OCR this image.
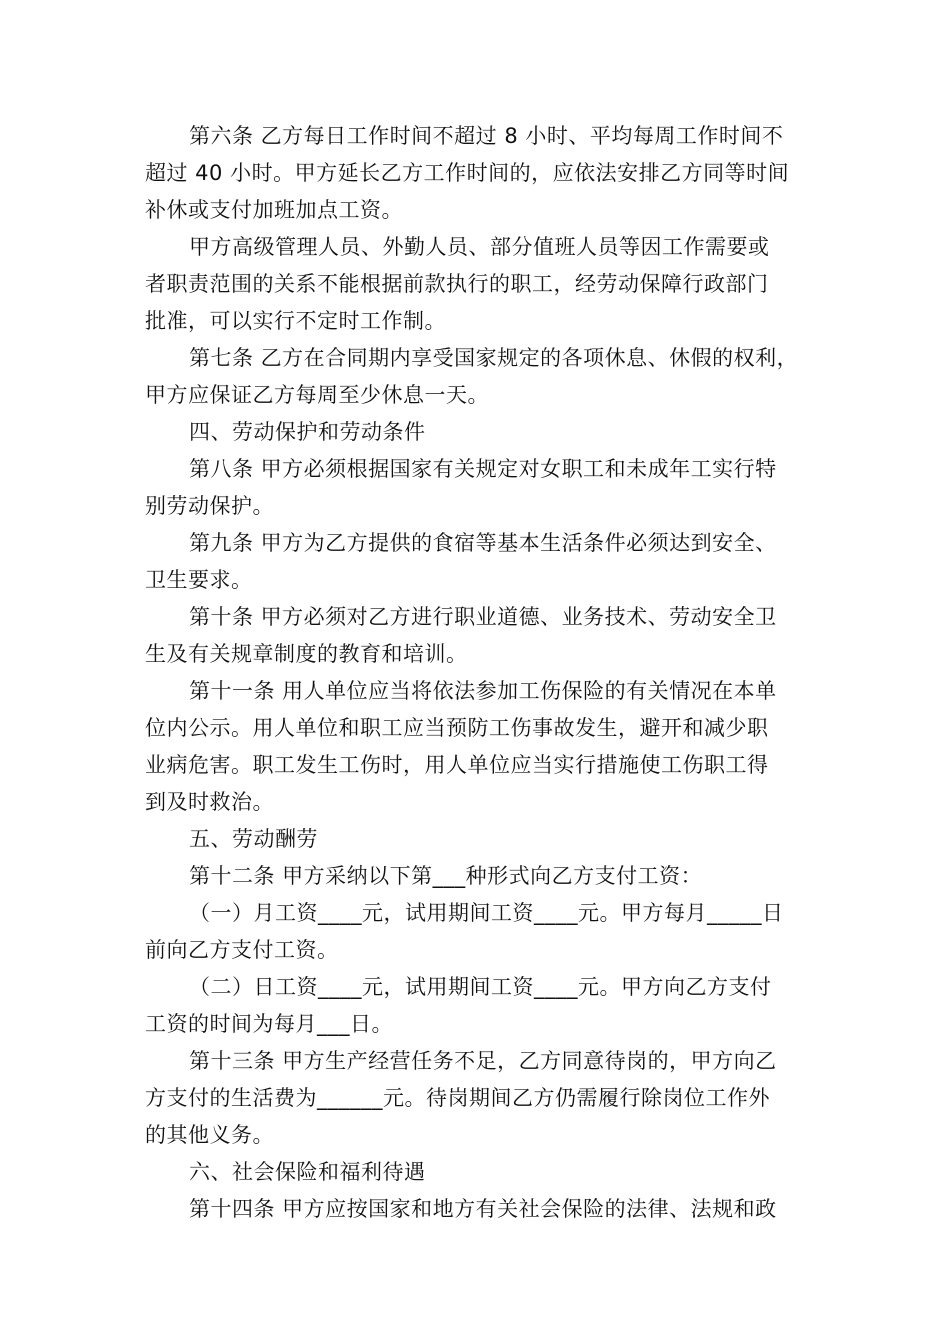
第六条 乙方每日工作时间不超过 8 小时、平均每周工作时间不
超过 40 小时。甲方延长乙方工作时间的，应依法安排乙方同等时间
补休或支付加班加点工资。
甲方高级管理人员、外勤人员、部分值班人员等因工作需要或
者职责范围的关系不能根据前款执行的职工，经劳动保障行政部门
批准，可以实行不定时工作制。
第七条 乙方在合同期内享受国家规定的各项休息、休假的权利，
甲方应保证乙方每周至少休息一天。
四、劳动保护和劳动条件
第八条 甲方必须根据国家有关规定对女职工和未成年工实行特
别劳动保护。
第九条 甲方为乙方提供的食宿等基本生活条件必须达到安全、
卫生要求。
第十条 甲方必须对乙方进行职业道德、业务技术、劳动安全卫
生及有关规章制度的教育和培训。
第十一条 用人单位应当将依法参加工伤保险的有关情况在本单
位内公示。用人单位和职工应当预防工伤事故发生，避开和减少职
业病危害。职工发生工伤时，用人单位应当实行措施使工伤职工得
到及时救治。
五、劳动酬劳
第十二条 甲方采纳以下第___种形式向乙方支付工资：
（一）月工资____元，试用期间工资____元。甲方每月_____日
前向乙方支付工资。
（二）日工资____元，试用期间工资____元。甲方向乙方支付
工资的时间为每月___日。
第十三条 甲方生产经营任务不足，乙方同意待岗的，甲方向乙
方支付的生活费为______元。待岗期间乙方仍需履行除岗位工作外
的其他义务。
六、社会保险和福利待遇
第十四条 甲方应按国家和地方有关社会保险的法律、法规和政
